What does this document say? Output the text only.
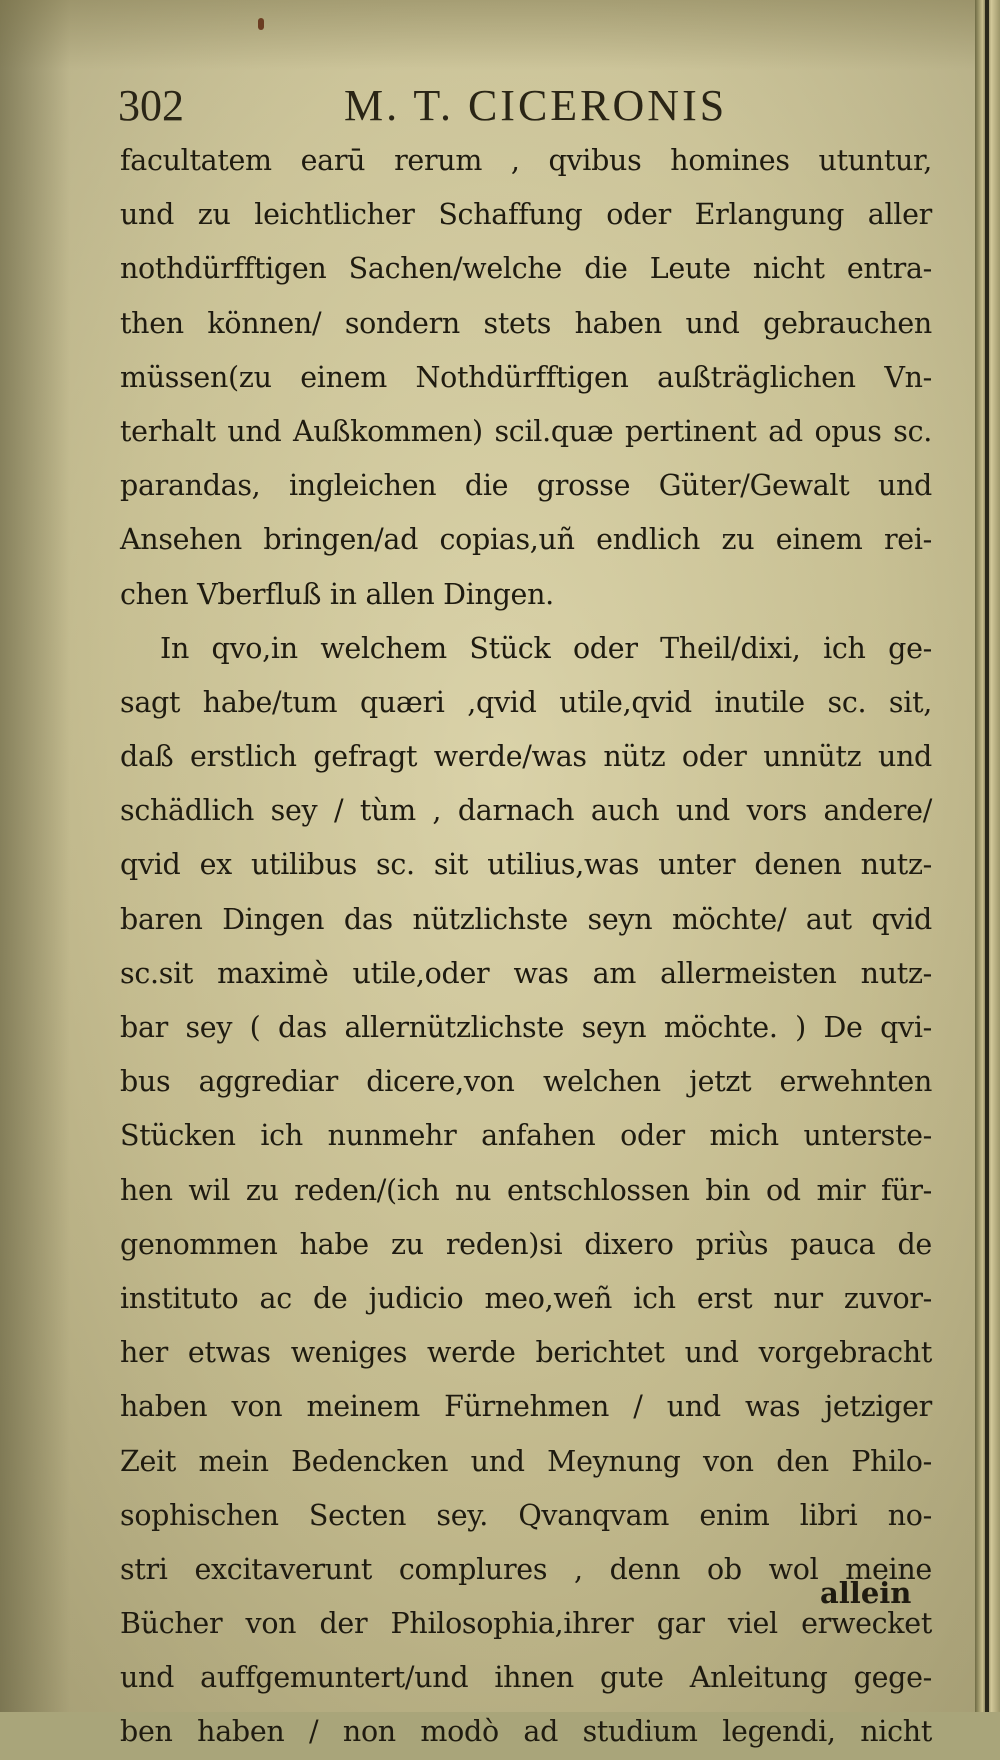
302	M. T. CICERONIS
facultatem earū rerum , qvibus homines utuntur,
und zu leichtlicher Schaffung oder Erlangung aller
nothdürfftigen Sachen/welche die Leute nicht entra-
then können/ sondern stets haben und gebrauchen
müssen(zu einem Nothdürfftigen außträglichen Vn-
terhalt und Außkommen) scil.quæ pertinent ad opus sc.
parandas, ingleichen die grosse Güter/Gewalt und
Ansehen bringen/ad copias,uñ endlich zu einem rei-
chen Vberfluß in allen Dingen.
In qvo,in welchem Stück oder Theil/dixi, ich ge-
sagt habe/tum quæri ,qvid utile,qvid inutile sc. sit,
daß erstlich gefragt werde/was nütz oder unnütz und
schädlich sey / tùm , darnach auch und vors andere/
qvid ex utilibus sc. sit utilius,was unter denen nutz-
baren Dingen das nützlichste seyn möchte/ aut qvid
sc.sit maximè utile,oder was am allermeisten nutz-
bar sey ( das allernützlichste seyn möchte. ) De qvi-
bus aggrediar dicere,von welchen jetzt erwehnten
Stücken ich nunmehr anfahen oder mich unterste-
hen wil zu reden/(ich nu entschlossen bin od mir für-
genommen habe zu reden)si dixero priùs pauca de
instituto ac de judicio meo,weñ ich erst nur zuvor-
her etwas weniges werde berichtet und vorgebracht
haben von meinem Fürnehmen / und was jetziger
Zeit mein Bedencken und Meynung von den Philo-
sophischen Secten sey. Qvanqvam enim libri no-
stri excitaverunt complures , denn ob wol meine
Bücher von der Philosophia,ihrer gar viel erwecket
und auffgemuntert/und ihnen gute Anleitung gege-
ben haben / non modò ad studium legendi, nicht
allein
